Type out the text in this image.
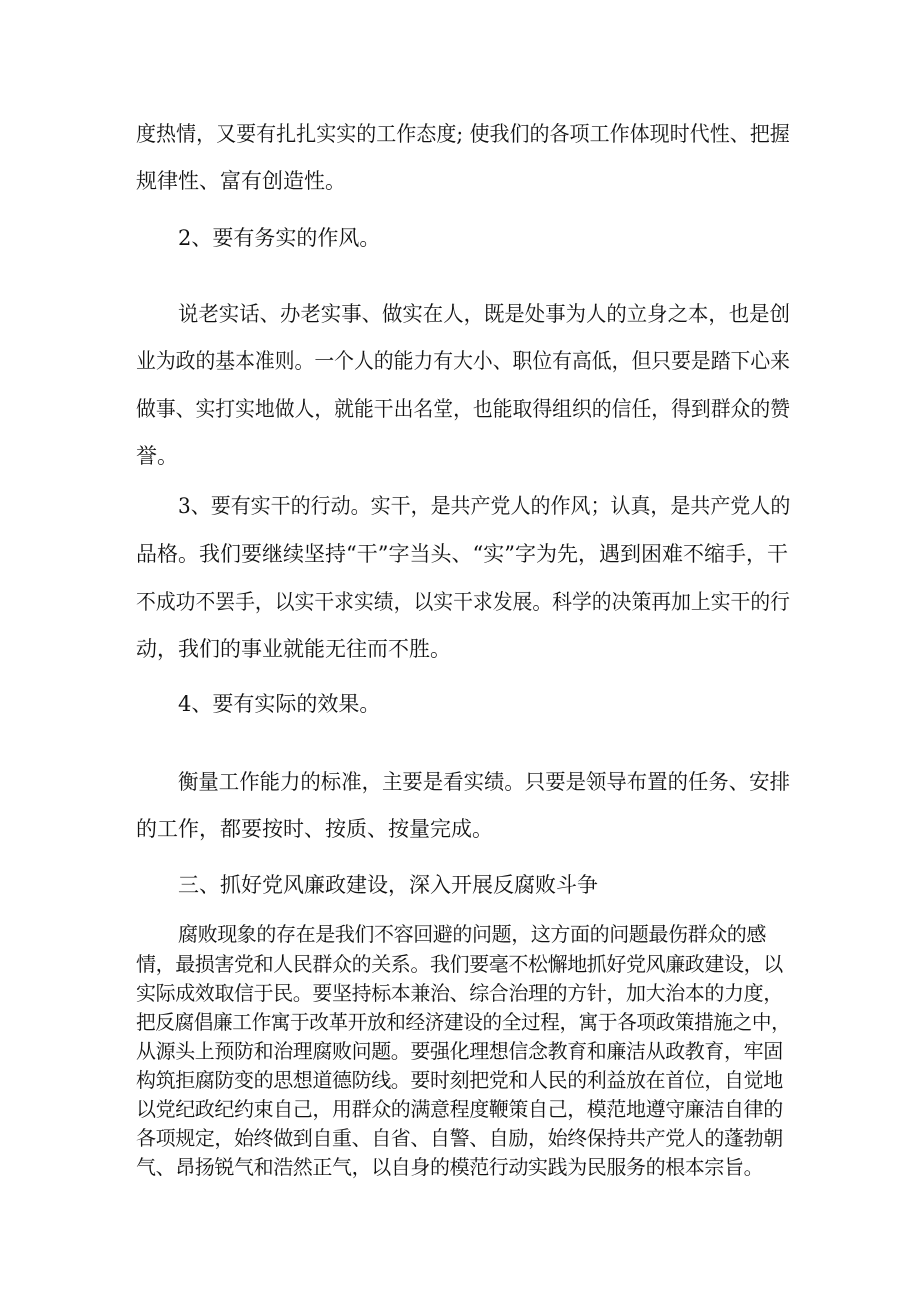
度热情，又要有扎扎实实的工作态度; 使我们的各项工作体现时代性、把握
规律性、富有创造性。
2、要有务实的作风。
说老实话、办老实事、做实在人，既是处事为人的立身之本，也是创
业为政的基本准则。一个人的能力有大小、职位有高低，但只要是踏下心来
做事、实打实地做人，就能干出名堂，也能取得组织的信任，得到群众的赞
誉。
3、要有实干的行动。实干，是共产党人的作风；认真，是共产党人的
品格。我们要继续坚持“干”字当头、“实”字为先，遇到困难不缩手，干
不成功不罢手，以实干求实绩，以实干求发展。科学的决策再加上实干的行
动，我们的事业就能无往而不胜。
4、要有实际的效果。
衡量工作能力的标准，主要是看实绩。只要是领导布置的任务、安排
的工作，都要按时、按质、按量完成。
三、抓好党风廉政建设，深入开展反腐败斗争
腐败现象的存在是我们不容回避的问题，这方面的问题最伤群众的感
情，最损害党和人民群众的关系。我们要毫不松懈地抓好党风廉政建设，以
实际成效取信于民。要坚持标本兼治、综合治理的方针，加大治本的力度，
把反腐倡廉工作寓于改革开放和经济建设的全过程，寓于各项政策措施之中，
从源头上预防和治理腐败问题。要强化理想信念教育和廉洁从政教育，牢固
构筑拒腐防变的思想道德防线。要时刻把党和人民的利益放在首位，自觉地
以党纪政纪约束自己，用群众的满意程度鞭策自己，模范地遵守廉洁自律的
各项规定，始终做到自重、自省、自警、自励，始终保持共产党人的蓬勃朝
气、昂扬锐气和浩然正气，以自身的模范行动实践为民服务的根本宗旨。
